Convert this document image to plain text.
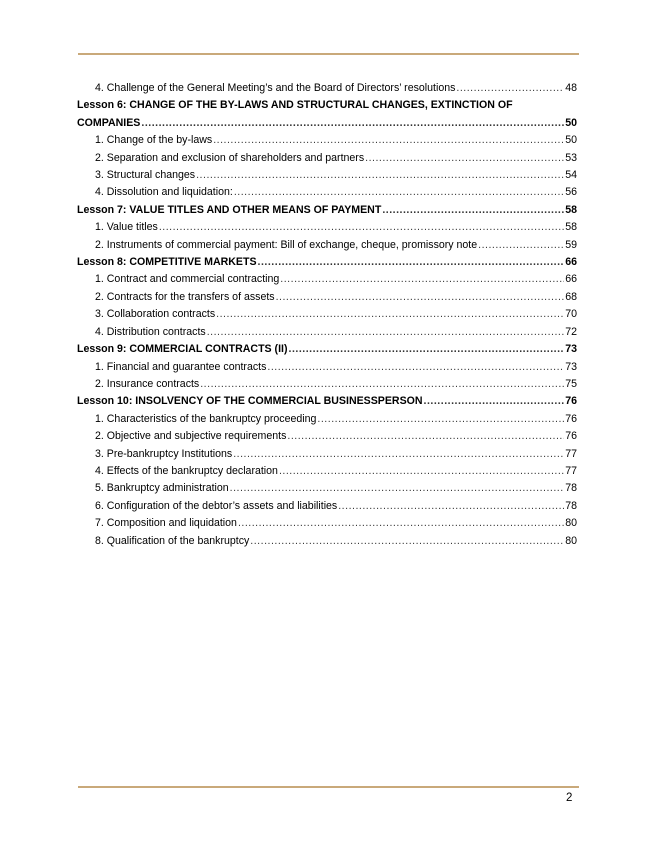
4. Challenge of the General Meeting’s and the Board of Directors’ resolutions .....	48
Lesson 6: CHANGE OF THE BY-LAWS AND STRUCTURAL CHANGES, EXTINCTION OF
COMPANIES .....	50
1. Change of the by-laws .....	50
2. Separation and exclusion of shareholders and partners .....	53
3. Structural changes .....	54
4. Dissolution and liquidation: .....	56
Lesson 7: VALUE TITLES AND OTHER MEANS OF PAYMENT .....	58
1. Value titles .....	58
2. Instruments of commercial payment: Bill of exchange, cheque, promissory note .....	59
Lesson 8: COMPETITIVE MARKETS .....	66
1. Contract and commercial contracting .....	66
2. Contracts for the transfers of assets .....	68
3. Collaboration contracts .....	70
4. Distribution contracts .....	72
Lesson 9: COMMERCIAL CONTRACTS (II) .....	73
1. Financial and guarantee contracts .....	73
2. Insurance contracts .....	75
Lesson 10: INSOLVENCY OF THE COMMERCIAL BUSINESSPERSON .....	76
1. Characteristics of the bankruptcy proceeding .....	76
2. Objective and subjective requirements .....	76
3. Pre-bankruptcy Institutions .....	77
4. Effects of the bankruptcy declaration .....	77
5. Bankruptcy administration .....	78
6. Configuration of the debtor’s assets and liabilities .....	78
7. Composition and liquidation .....	80
8. Qualification of the bankruptcy .....	80
2
